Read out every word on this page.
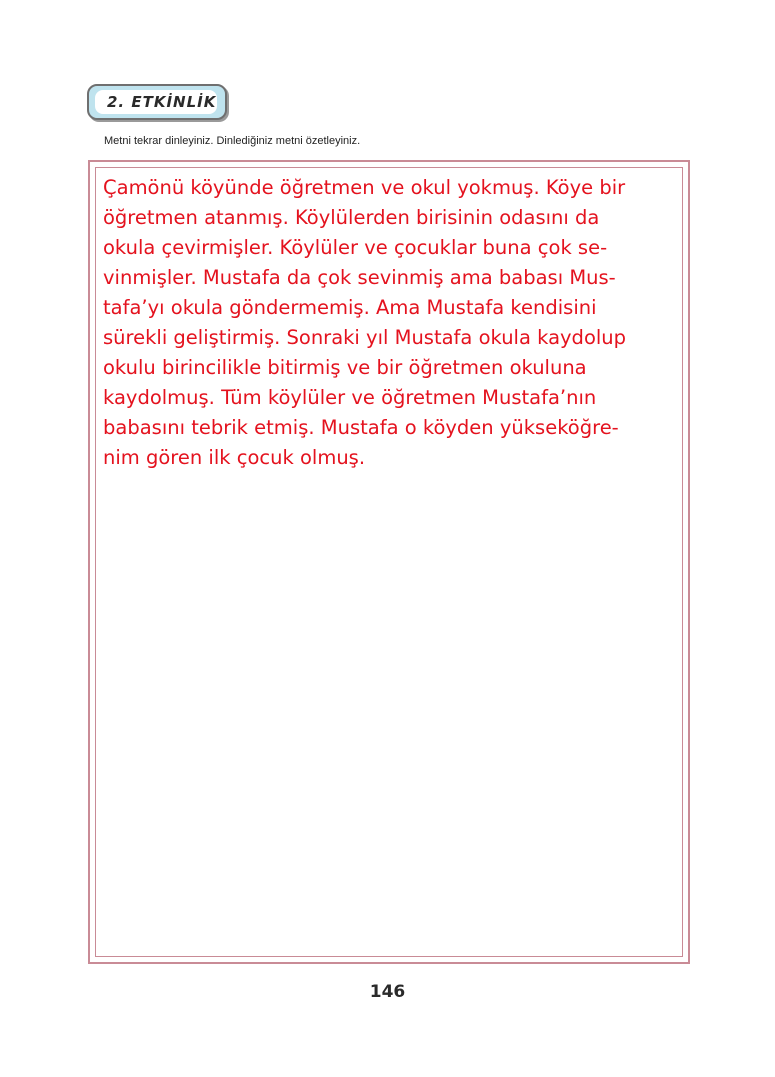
2. ETKİNLİK
Metni tekrar dinleyiniz. Dinlediğiniz metni özetleyiniz.
Çamönü köyünde öğretmen ve okul yokmuş. Köye bir
öğretmen atanmış. Köylülerden birisinin odasını da
okula çevirmişler. Köylüler ve çocuklar buna çok se-
vinmişler. Mustafa da çok sevinmiş ama babası Mus-
tafa’yı okula göndermemiş. Ama Mustafa kendisini
sürekli geliştirmiş. Sonraki yıl Mustafa okula kaydolup
okulu birincilikle bitirmiş ve bir öğretmen okuluna
kaydolmuş. Tüm köylüler ve öğretmen Mustafa’nın
babasını tebrik etmiş. Mustafa o köyden yükseköğre-
nim gören ilk çocuk olmuş.
146
